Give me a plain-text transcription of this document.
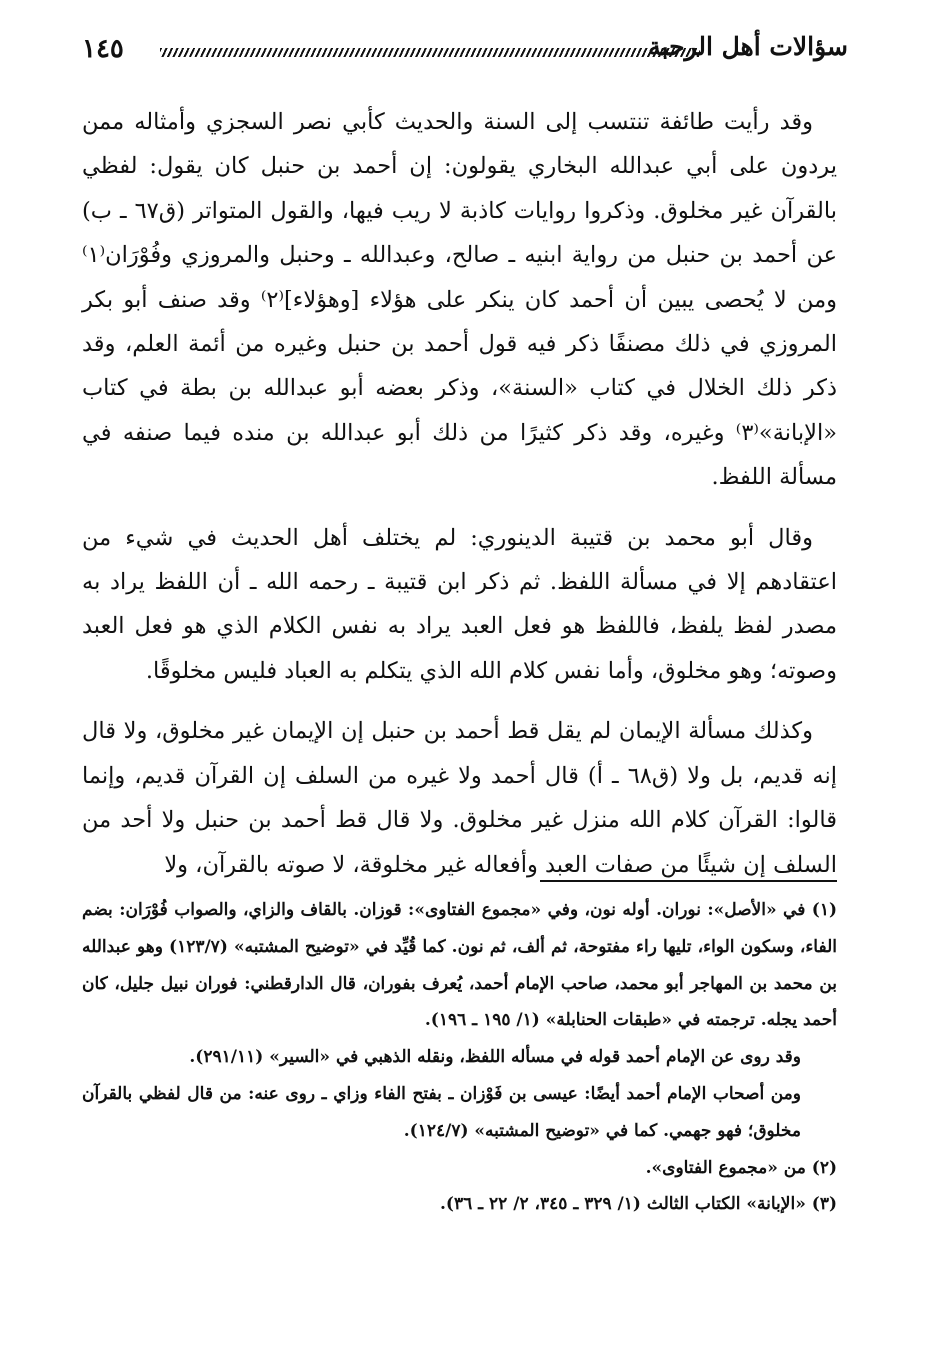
١٤٥	سؤالات أهل الرحبة

وقد رأيت طائفة تنتسب إلى السنة والحديث كأبي نصر السجزي وأمثاله ممن يردون على أبي عبدالله البخاري يقولون: إن أحمد بن حنبل كان يقول: لفظي بالقرآن غير مخلوق. وذكروا روايات كاذبة لا ريب فيها، والقول المتواتر (ق٦٧ ـ ب) عن أحمد بن حنبل من رواية ابنيه ـ صالح، وعبدالله ـ وحنبل والمروزي وفُوْرَان⁽١⁾ ومن لا يُحصى يبين أن أحمد كان ينكر على هؤلاء [وهؤلاء]⁽٢⁾ وقد صنف أبو بكر المروزي في ذلك مصنفًا ذكر فيه قول أحمد بن حنبل وغيره من أئمة العلم، وقد ذكر ذلك الخلال في كتاب «السنة»، وذكر بعضه أبو عبدالله بن بطة في كتاب «الإبانة»⁽٣⁾ وغيره، وقد ذكر كثيرًا من ذلك أبو عبدالله بن منده فيما صنفه في مسألة اللفظ.

وقال أبو محمد بن قتيبة الدينوري: لم يختلف أهل الحديث في شيء من اعتقادهم إلا في مسألة اللفظ. ثم ذكر ابن قتيبة ـ رحمه الله ـ أن اللفظ يراد به مصدر لفظ يلفظ، فاللفظ هو فعل العبد يراد به نفس الكلام الذي هو فعل العبد وصوته؛ وهو مخلوق، وأما نفس كلام الله الذي يتكلم به العباد فليس مخلوقًا.

وكذلك مسألة الإيمان لم يقل قط أحمد بن حنبل إن الإيمان غير مخلوق، ولا قال إنه قديم، بل ولا (ق٦٨ ـ أ) قال أحمد ولا غيره من السلف إن القرآن قديم، وإنما قالوا: القرآن كلام الله منزل غير مخلوق. ولا قال قط أحمد بن حنبل ولا أحد من السلف إن شيئًا من صفات العبد وأفعاله غير مخلوقة، لا صوته بالقرآن، ولا

(١) في «الأصل»: نوران. أوله نون، وفي «مجموع الفتاوى»: قوزان. بالقاف والزاي، والصواب فُوْرَان: بضم الفاء، وسكون الواء، تليها راء مفتوحة، ثم ألف، ثم نون. كما قُيِّد في «توضيح المشتبه» (١٢٣/٧) وهو عبدالله بن محمد بن المهاجر أبو محمد، صاحب الإمام أحمد، يُعرف بفوران، قال الدارقطني: فوران نبيل جليل، كان أحمد يجله. ترجمته في «طبقات الحنابلة» (١/ ١٩٥ ـ ١٩٦).

وقد روى عن الإمام أحمد قوله في مسأله اللفظ، ونقله الذهبي في «السير» (٢٩١/١١).

ومن أصحاب الإمام أحمد أيضًا: عيسى بن فَوْزان ـ بفتح الفاء وزاي ـ روى عنه: من قال لفظي بالقرآن مخلوق؛ فهو جهمي. كما في «توضيح المشتبه» (١٢٤/٧).

(٢) من «مجموع الفتاوى».

(٣) «الإبانة» الكتاب الثالث (١/ ٣٢٩ ـ ٣٤٥، ٢/ ٢٢ ـ ٣٦).
